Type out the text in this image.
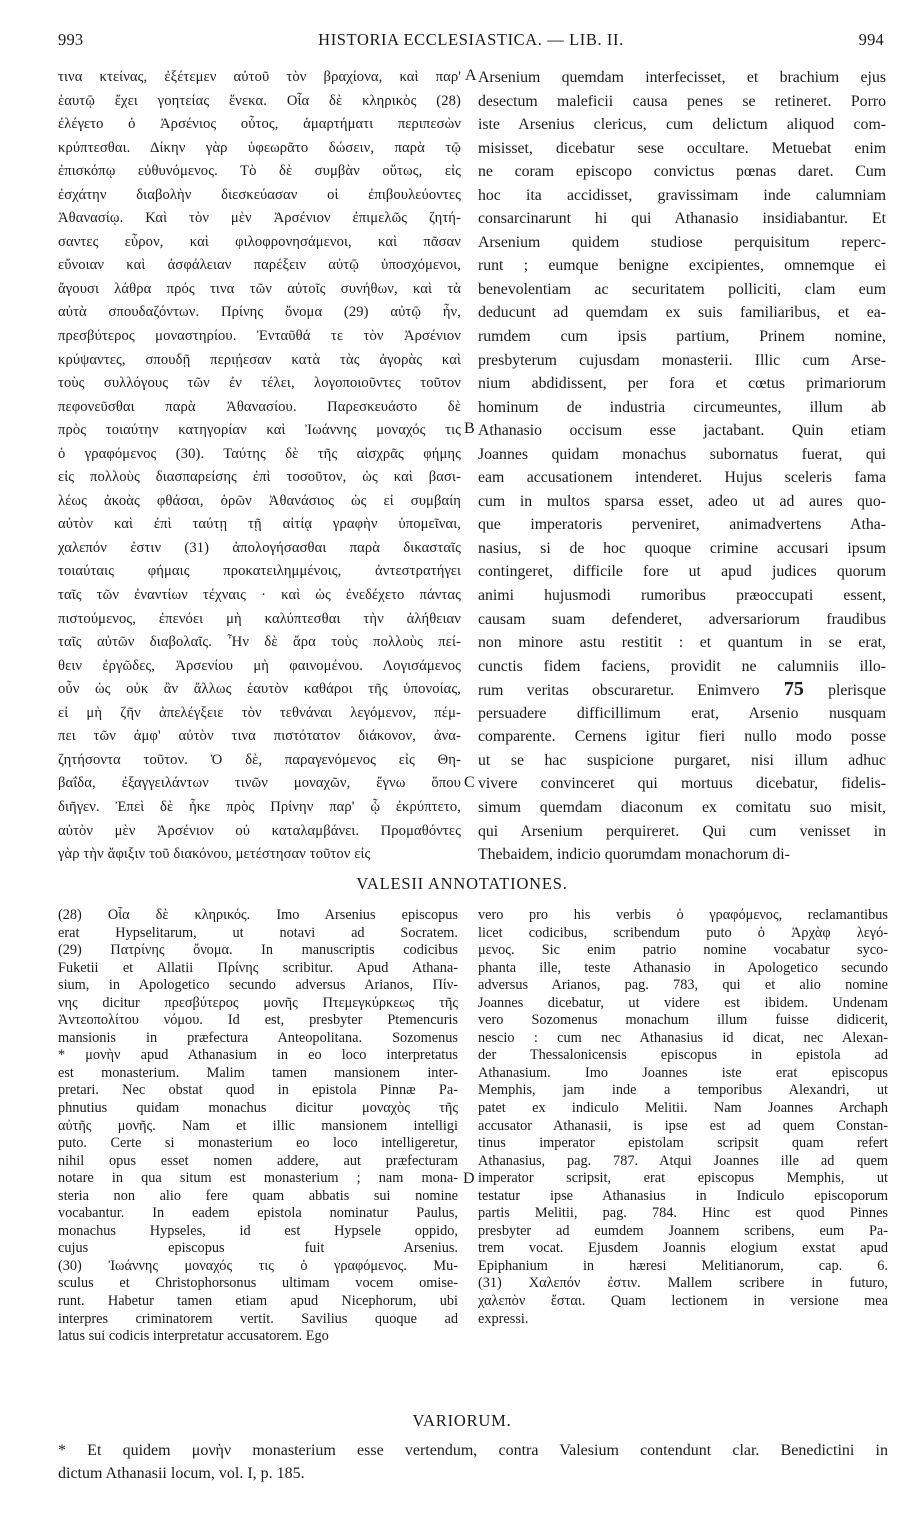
993	HISTORIA ECCLESIASTICA. — LIB. II.	994
τινα κτείνας, ἐξέτεμεν αὐτοῦ τὸν βραχίονα, καὶ παρ'
ἑαυτῷ ἔχει γοητείας ἕνεκα. Οἷα δὲ κληρικὸς (28)
ἐλέγετο ὁ Ἀρσένιος οὗτος, ἁμαρτήματι περιπεσὼν
κρύπτεσθαι. Δίκην γὰρ ὑφεωρᾶτο δώσειν, παρὰ τῷ
ἐπισκόπῳ εὐθυνόμενος. Τὸ δὲ συμβὰν οὕτως, εἰς
ἐσχάτην διαβολὴν διεσκεύασαν οἱ ἐπιβουλεύοντες
Ἀθανασίῳ. Καὶ τὸν μὲν Ἀρσένιον ἐπιμελῶς ζητή-
σαντες εὗρον, καὶ φιλοφρονησάμενοι, καὶ πᾶσαν
εὔνοιαν καὶ ἀσφάλειαν παρέξειν αὐτῷ ὑποσχόμενοι,
ἄγουσι λάθρα πρός τινα τῶν αὐτοῖς συνήθων, καὶ τὰ
αὐτὰ σπουδαζόντων. Πρίνης ὄνομα (29) αὐτῷ ἦν,
πρεσβύτερος μοναστηρίου. Ἐνταῦθά τε τὸν Ἀρσένιον
κρύψαντες, σπουδῇ περιῄεσαν κατὰ τὰς ἀγορὰς καὶ
τοὺς συλλόγους τῶν ἐν τέλει, λογοποιοῦντες τοῦτον
πεφονεῦσθαι παρὰ Ἀθανασίου. Παρεσκευάστο δὲ
πρὸς τοιαύτην κατηγορίαν καὶ Ἰωάννης μοναχός τις
ὁ γραφόμενος (30). Ταύτης δὲ τῆς αἰσχρᾶς φήμης
εἰς πολλοὺς διασπαρείσης ἐπὶ τοσοῦτον, ὡς καὶ βασι-
λέως ἀκοὰς φθάσαι, ὁρῶν Ἀθανάσιος ὡς εἰ συμβαίη
αὐτὸν καὶ ἐπὶ ταύτῃ τῇ αἰτίᾳ γραφὴν ὑπομεῖναι,
χαλεπόν ἐστιν (31) ἀπολογήσασθαι παρὰ δικασταῖς
τοιαύταις φήμαις προκατειλημμένοις, ἀντεστρατήγει
ταῖς τῶν ἐναντίων τέχναις · καὶ ὡς ἐνεδέχετο πάντας
πιστούμενος, ἐπενόει μὴ καλύπτεσθαι τὴν ἀλήθειαν
ταῖς αὐτῶν διαβολαῖς. Ἦν δὲ ἄρα τοὺς πολλοὺς πεί-
θειν ἐργῶδες, Ἀρσενίου μὴ φαινομένου. Λογισάμενος
οὖν ὡς οὐκ ἂν ἄλλως ἑαυτὸν καθάροι τῆς ὑπονοίας,
εἰ μὴ ζῆν ἀπελέγξειε τὸν τεθνάναι λεγόμενον, πέμ-
πει τῶν ἀμφ' αὐτὸν τινα πιστότατον διάκονον, ἀνα-
ζητήσοντα τοῦτον. Ὁ δὲ, παραγενόμενος εἰς Θη-
βαΐδα, ἐξαγγειλάντων τινῶν μοναχῶν, ἔγνω ὅπου
διῆγεν. Ἐπεὶ δὲ ἧκε πρὸς Πρίνην παρ' ᾧ ἐκρύπτετο,
αὐτὸν μὲν Ἀρσένιον οὐ καταλαμβάνει. Προμαθόντες
γὰρ τὴν ἄφιξιν τοῦ διακόνου, μετέστησαν τοῦτον εἰς
Arsenium quemdam interfecisset, et brachium ejus
desectum maleficii causa penes se retineret. Porro
iste Arsenius clericus, cum delictum aliquod com-
misisset, dicebatur sese occultare. Metuebat enim
ne coram episcopo convictus pœnas daret. Cum
hoc ita accidisset, gravissimam inde calumniam
consarcinarunt hi qui Athanasio insidiabantur. Et
Arsenium quidem studiose perquisitum reperc-
runt ; eumque benigne excipientes, omnemque ei
benevolentiam ac securitatem polliciti, clam eum
deducunt ad quemdam ex suis familiaribus, et ea-
rumdem cum ipsis partium, Prinem nomine,
presbyterum cujusdam monasterii. Illic cum Arse-
nium abdidissent, per fora et cœtus primariorum
hominum de industria circumeuntes, illum ab
Athanasio occisum esse jactabant. Quin etiam
Joannes quidam monachus subornatus fuerat, qui
eam accusationem intenderet. Hujus sceleris fama
cum in multos sparsa esset, adeo ut ad aures quo-
que imperatoris perveniret, animadvertens Atha-
nasius, si de hoc quoque crimine accusari ipsum
contingeret, difficile fore ut apud judices quorum
animi hujusmodi rumoribus præoccupati essent,
causam suam defenderet, adversariorum fraudibus
non minore astu restitit : et quantum in se erat,
cunctis fidem faciens, providit ne calumniis illo-
rum veritas obscuraretur. Enimvero 75 plerisque
persuadere difficillimum erat, Arsenio nusquam
comparente. Cernens igitur fieri nullo modo posse
ut se hac suspicione purgaret, nisi illum adhuc
vivere convinceret qui mortuus dicebatur, fidelis-
simum quemdam diaconum ex comitatu suo misit,
qui Arsenium perquireret. Qui cum venisset in
Thebaidem, indicio quorumdam monachorum di-
A
B
C
D
VALESII ANNOTATIONES.
(28) Οἷα δὲ κληρικός. Imo Arsenius episcopus
erat Hypselitarum, ut notavi ad Socratem.
(29) Πατρίνης ὄνομα. In manuscriptis codicibus
Fuketii et Allatii Πρίνης scribitur. Apud Athana-
sium, in Apologetico secundo adversus Arianos, Πίν-
νης dicitur πρεσβύτερος μονῆς Πτεμεγκύρκεως τῆς
Ἀντεοπολίτου νόμου. Id est, presbyter Ptemencuris
mansionis in præfectura Anteopolitana. Sozomenus
* μονὴν apud Athanasium in eo loco interpretatus
est monasterium. Malim tamen mansionem inter-
pretari. Nec obstat quod in epistola Pinnæ Pa-
phnutius quidam monachus dicitur μοναχὸς τῆς
αὐτῆς μονῆς. Nam et illic mansionem intelligi
puto. Certe si monasterium eo loco intelligeretur,
nihil opus esset nomen addere, aut præfecturam
notare in qua situm est monasterium ; nam mona-
steria non alio fere quam abbatis sui nomine
vocabantur. In eadem epistola nominatur Paulus,
monachus Hypseles, id est Hypsele oppido,
cujus episcopus fuit Arsenius.
(30) Ἰωάννης μοναχός τις ὁ γραφόμενος. Mu-
sculus et Christophorsonus ultimam vocem omise-
runt. Habetur tamen etiam apud Nicephorum, ubi
interpres criminatorem vertit. Savilius quoque ad
latus sui codicis interpretatur accusatorem. Ego
vero pro his verbis ὁ γραφόμενος, reclamantibus
licet codicibus, scribendum puto ὁ Ἀρχὰφ λεγό-
μενος. Sic enim patrio nomine vocabatur syco-
phanta ille, teste Athanasio in Apologetico secundo
adversus Arianos, pag. 783, qui et alio nomine
Joannes dicebatur, ut videre est ibidem. Undenam
vero Sozomenus monachum illum fuisse didicerit,
nescio : cum nec Athanasius id dicat, nec Alexan-
der Thessalonicensis episcopus in epistola ad
Athanasium. Imo Joannes iste erat episcopus
Memphis, jam inde a temporibus Alexandri, ut
patet ex indiculo Melitii. Nam Joannes Archaph
accusator Athanasii, is ipse est ad quem Constan-
tinus imperator epistolam scripsit quam refert
Athanasius, pag. 787. Atqui Joannes ille ad quem
imperator scripsit, erat episcopus Memphis, ut
testatur ipse Athanasius in Indiculo episcoporum
partis Melitii, pag. 784. Hinc est quod Pinnes
presbyter ad eumdem Joannem scribens, eum Pa-
trem vocat. Ejusdem Joannis elogium exstat apud
Epiphanium in hæresi Melitianorum, cap. 6.
(31) Χαλεπόν ἐστιν. Mallem scribere in futuro,
χαλεπὸν ἔσται. Quam lectionem in versione mea
expressi.
VARIORUM.
* Et quidem μονὴν monasterium esse vertendum, contra Valesium contendunt clar. Benedictini in
dictum Athanasii locum, vol. I, p. 185.
